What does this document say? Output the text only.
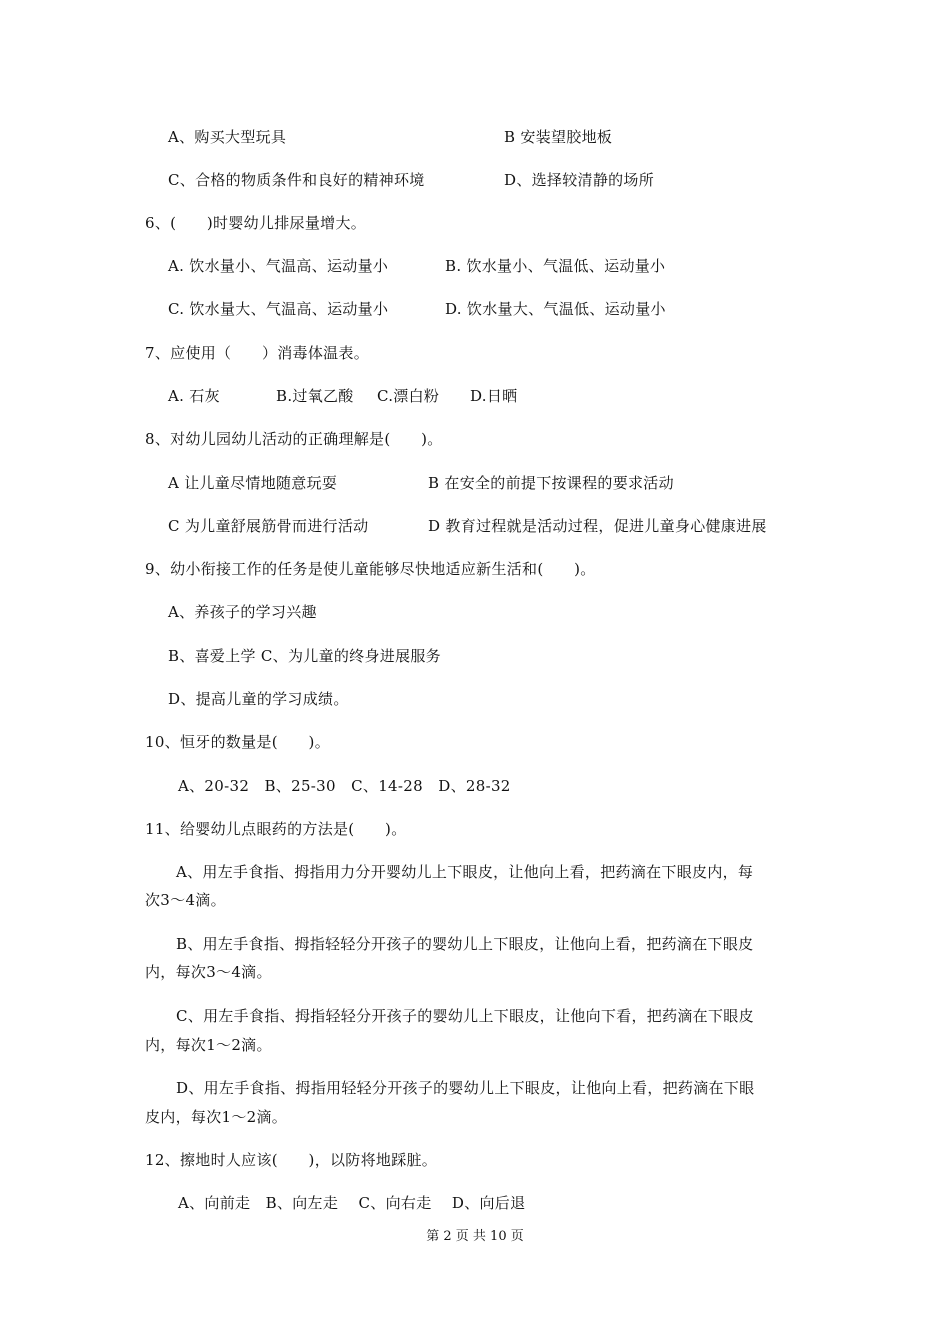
A、购买大型玩具	B 安装望胶地板
C、合格的物质条件和良好的精神环境	D、选择较清静的场所
6、(　　)时婴幼儿排尿量增大。
A. 饮水量小、气温高、运动量小	B. 饮水量小、气温低、运动量小
C. 饮水量大、气温高、运动量小	D. 饮水量大、气温低、运动量小
7、应使用（　　）消毒体温表。
A. 石灰	B.过氧乙酸 C.漂白粉 D.日晒
8、对幼儿园幼儿活动的正确理解是(　　)。
A 让儿童尽情地随意玩耍	B 在安全的前提下按课程的要求活动
C 为儿童舒展筋骨而进行活动	D 教育过程就是活动过程，促进儿童身心健康进展
9、幼小衔接工作的任务是使儿童能够尽快地适应新生活和(　　)。
A、养孩子的学习兴趣
B、喜爱上学 C、为儿童的终身进展服务
D、提高儿童的学习成绩。
10、恒牙的数量是(　　)。
A、20-32　B、25-30　C、14-28　D、28-32
11、给婴幼儿点眼药的方法是(　　)。
A、用左手食指、拇指用力分开婴幼儿上下眼皮，让他向上看，把药滴在下眼皮内，每
次3～4滴。
B、用左手食指、拇指轻轻分开孩子的婴幼儿上下眼皮，让他向上看，把药滴在下眼皮
内，每次3～4滴。
C、用左手食指、拇指轻轻分开孩子的婴幼儿上下眼皮，让他向下看，把药滴在下眼皮
内，每次1～2滴。
D、用左手食指、拇指用轻轻分开孩子的婴幼儿上下眼皮，让他向上看，把药滴在下眼
皮内，每次1～2滴。
12、擦地时人应该(　　)，以防将地踩脏。
A、向前走　B、向左走　 C、向右走　 D、向后退
第 2 页 共 10 页
